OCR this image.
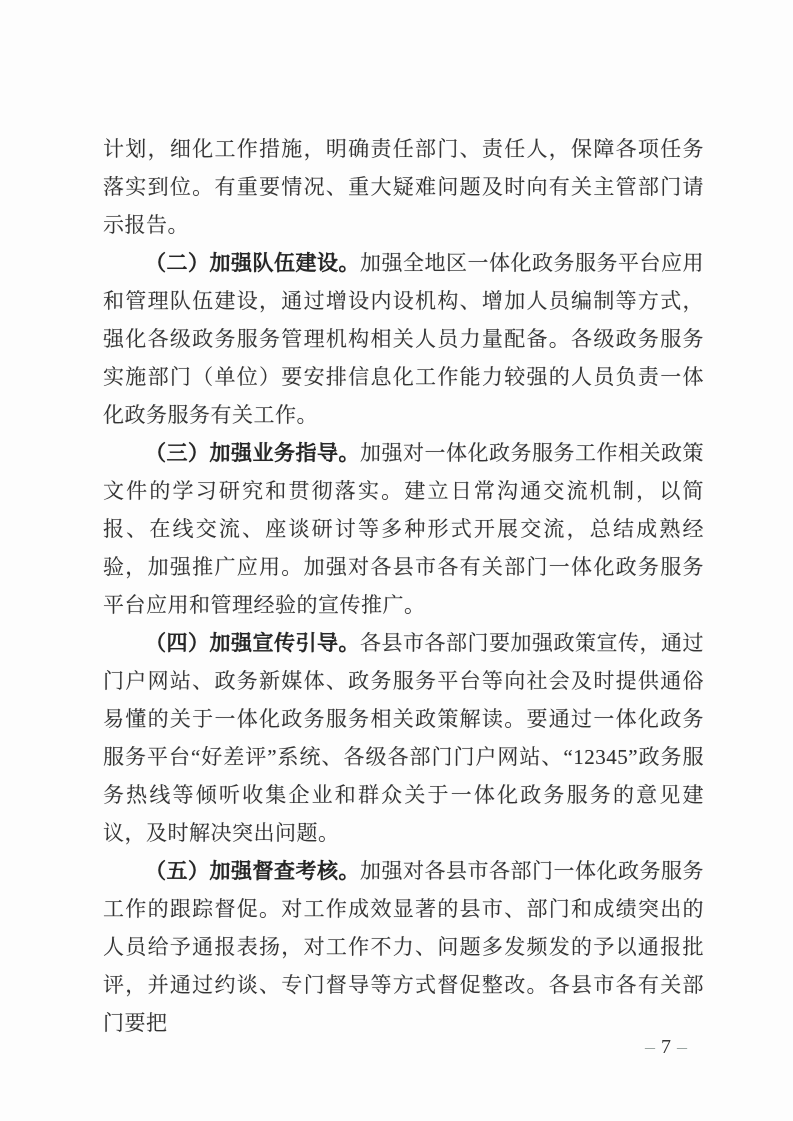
计划，细化工作措施，明确责任部门、责任人，保障各项任务落实到位。有重要情况、重大疑难问题及时向有关主管部门请示报告。

（二）加强队伍建设。加强全地区一体化政务服务平台应用和管理队伍建设，通过增设内设机构、增加人员编制等方式，强化各级政务服务管理机构相关人员力量配备。各级政务服务实施部门（单位）要安排信息化工作能力较强的人员负责一体化政务服务有关工作。

（三）加强业务指导。加强对一体化政务服务工作相关政策文件的学习研究和贯彻落实。建立日常沟通交流机制，以简报、在线交流、座谈研讨等多种形式开展交流，总结成熟经验，加强推广应用。加强对各县市各有关部门一体化政务服务平台应用和管理经验的宣传推广。

（四）加强宣传引导。各县市各部门要加强政策宣传，通过门户网站、政务新媒体、政务服务平台等向社会及时提供通俗易懂的关于一体化政务服务相关政策解读。要通过一体化政务服务平台“好差评”系统、各级各部门门户网站、“12345”政务服务热线等倾听收集企业和群众关于一体化政务服务的意见建议，及时解决突出问题。

（五）加强督查考核。加强对各县市各部门一体化政务服务工作的跟踪督促。对工作成效显著的县市、部门和成绩突出的人员给予通报表扬，对工作不力、问题多发频发的予以通报批评，并通过约谈、专门督导等方式督促整改。各县市各有关部门要把

– 7 –
